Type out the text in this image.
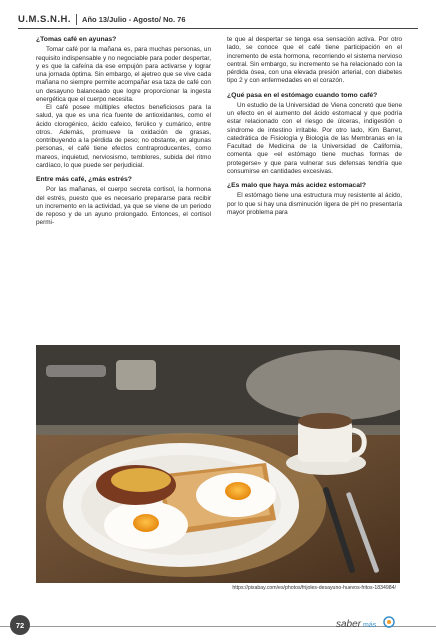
U.M.S.N.H. Año 13/Julio - Agosto/ No. 76
¿Tomas café en ayunas?

Tomar café por la mañana es, para muchas personas, un requisito indispensable y no negociable para poder despertar, y es que la cafeína da ese empujón para activarse y lograr una jornada óptima. Sin embargo, el ajetreo que se vive cada mañana no siempre permite acompañar esa taza de café con un desayuno balanceado que logre proporcionar la ingesta energética que el cuerpo necesita.

El café posee múltiples efectos beneficiosos para la salud, ya que es una rica fuente de antioxidantes, como el ácido clorogénico, ácido cafeico, ferúlico y cumárico, entre otros. Además, promueve la oxidación de grasas, contribuyendo a la pérdida de peso; no obstante, en algunas personas, el café tiene efectos contraproducentes, como mareos, inquietud, nerviosismo, temblores, subida del ritmo cardíaco, lo que puede ser perjudicial.

Entre más café, ¿más estrés?

Por las mañanas, el cuerpo secreta cortisol, la hormona del estrés, puesto que es necesario prepararse para recibir un incremento en la actividad, ya que se viene de un periodo de reposo y de un ayuno prolongado. Entonces, el cortisol permi-

te que al despertar se tenga esa sensación activa. Por otro lado, se conoce que el café tiene participación en el incremento de esta hormona, recorriendo el sistema nervioso central. Sin embargo, su incremento se ha relacionado con la pérdida ósea, con una elevada presión arterial, con diabetes tipo 2 y con enfermedades en el corazón.

¿Qué pasa en el estómago cuando tomo café?

Un estudio de la Universidad de Viena concretó que tiene un efecto en el aumento del ácido estomacal y que podría estar relacionado con el riesgo de úlceras, indigestión o síndrome de intestino irritable. Por otro lado, Kim Barret, catedrática de Fisiología y Biología de las Membranas en la Facultad de Medicina de la Universidad de California, comenta que «el estómago tiene muchas formas de protegerse» y que para vulnerar sus defensas tendría que consumirse en cantidades excesivas.

¿Es malo que haya más acidez estomacal?

El estómago tiene una estructura muy resistente al ácido, por lo que si hay una disminución ligera de pH no presentaría mayor problema para

https://pixabay.com/es/photos/frijoles-desayuno-huevos-fritos-1834984/
72	saber más
